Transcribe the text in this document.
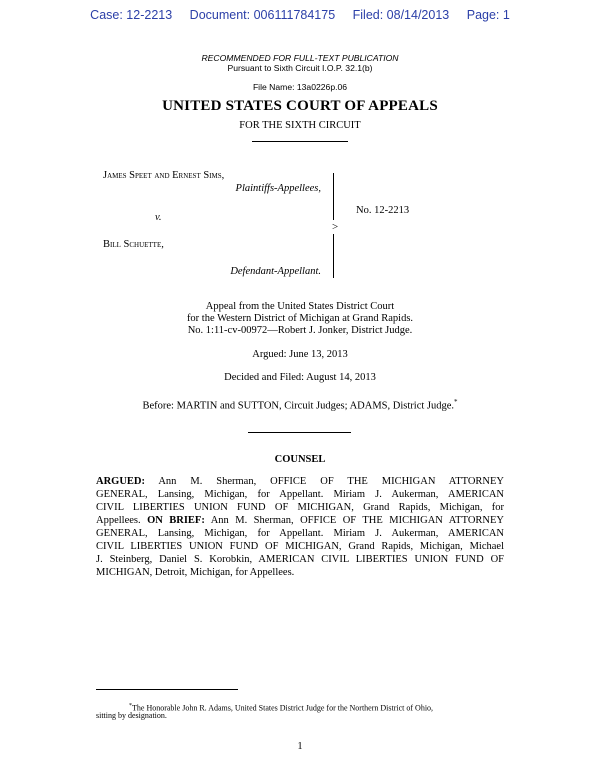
Case: 12-2213 Document: 006111784175 Filed: 08/14/2013 Page: 1
RECOMMENDED FOR FULL-TEXT PUBLICATION
Pursuant to Sixth Circuit I.O.P. 32.1(b)
File Name: 13a0226p.06
UNITED STATES COURT OF APPEALS
FOR THE SIXTH CIRCUIT
James Speet and Ernest Sims,
Plaintiffs-Appellees,
v.
Bill Schuette,
Defendant-Appellant.
>
No. 12-2213
Appeal from the United States District Court
for the Western District of Michigan at Grand Rapids.
No. 1:11-cv-00972—Robert J. Jonker, District Judge.
Argued: June 13, 2013
Decided and Filed: August 14, 2013
Before: MARTIN and SUTTON, Circuit Judges; ADAMS, District Judge.*
COUNSEL
ARGUED: Ann M. Sherman, OFFICE OF THE MICHIGAN ATTORNEY
GENERAL, Lansing, Michigan, for Appellant. Miriam J. Aukerman, AMERICAN
CIVIL LIBERTIES UNION FUND OF MICHIGAN, Grand Rapids, Michigan, for
Appellees. ON BRIEF: Ann M. Sherman, OFFICE OF THE MICHIGAN ATTORNEY
GENERAL, Lansing, Michigan, for Appellant. Miriam J. Aukerman, AMERICAN
CIVIL LIBERTIES UNION FUND OF MICHIGAN, Grand Rapids, Michigan, Michael
J. Steinberg, Daniel S. Korobkin, AMERICAN CIVIL LIBERTIES UNION FUND OF
MICHIGAN, Detroit, Michigan, for Appellees.
*The Honorable John R. Adams, United States District Judge for the Northern District of Ohio,
sitting by designation.
1
